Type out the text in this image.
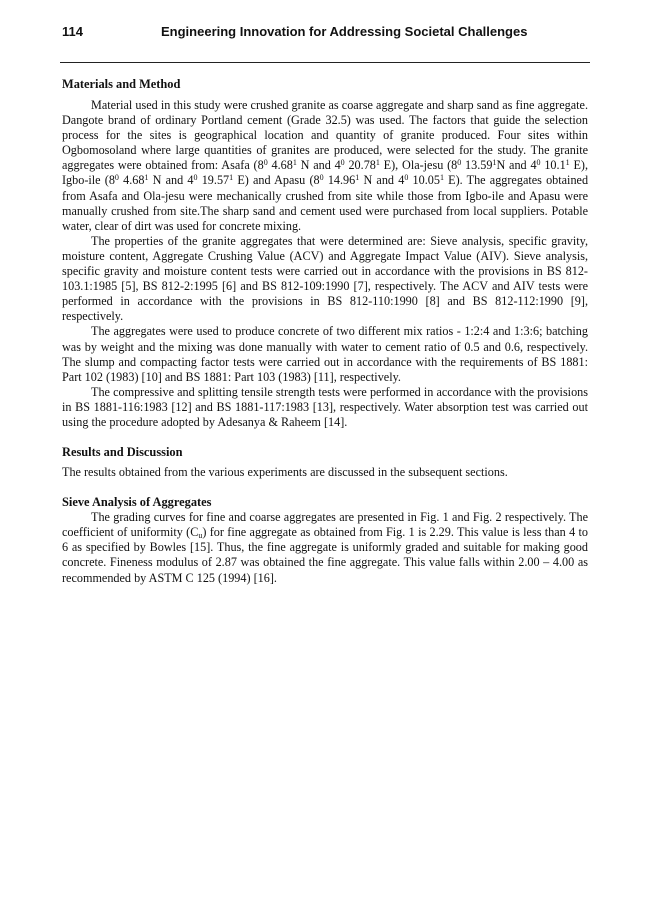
114	Engineering Innovation for Addressing Societal Challenges
Materials and Method

Material used in this study were crushed granite as coarse aggregate and sharp sand as fine aggregate. Dangote brand of ordinary Portland cement (Grade 32.5) was used. The factors that guide the selection process for the sites is geographical location and quantity of granite produced. Four sites within Ogbomosoland where large quantities of granites are produced, were selected for the study. The granite aggregates were obtained from: Asafa ($8^0$ 4.68$^1$ N and $4^0$ 20.78$^1$ E), Ola-jesu ($8^0$ 13.59$^1$N and $4^0$ 10.1$^1$ E), Igbo-ile ($8^0$ 4.68$^1$ N and $4^0$ 19.57$^1$ E) and Apasu ($8^0$ 14.96$^1$ N and $4^0$ 10.05$^1$ E). The aggregates obtained from Asafa and Ola-jesu were mechanically crushed from site while those from Igbo-ile and Apasu were manually crushed from site.The sharp sand and cement used were purchased from local suppliers. Potable water, clear of dirt was used for concrete mixing.

The properties of the granite aggregates that were determined are: Sieve analysis, specific gravity, moisture content, Aggregate Crushing Value (ACV) and Aggregate Impact Value (AIV). Sieve analysis, specific gravity and moisture content tests were carried out in accordance with the provisions in BS 812-103.1:1985 [5], BS 812-2:1995 [6] and BS 812-109:1990 [7], respectively. The ACV and AIV tests were performed in accordance with the provisions in BS 812-110:1990 [8] and BS 812-112:1990 [9], respectively.

The aggregates were used to produce concrete of two different mix ratios - 1:2:4 and 1:3:6; batching was by weight and the mixing was done manually with water to cement ratio of 0.5 and 0.6, respectively. The slump and compacting factor tests were carried out in accordance with the requirements of BS 1881: Part 102 (1983) [10] and BS 1881: Part 103 (1983) [11], respectively.

The compressive and splitting tensile strength tests were performed in accordance with the provisions in BS 1881-116:1983 [12] and BS 1881-117:1983 [13], respectively. Water absorption test was carried out using the procedure adopted by Adesanya & Raheem [14].

Results and Discussion

The results obtained from the various experiments are discussed in the subsequent sections.

Sieve Analysis of Aggregates

The grading curves for fine and coarse aggregates are presented in Fig. 1 and Fig. 2 respectively. The coefficient of uniformity $(C_u)$ for fine aggregate as obtained from Fig. 1 is 2.29. This value is less than 4 to 6 as specified by Bowles [15]. Thus, the fine aggregate is uniformly graded and suitable for making good concrete. Fineness modulus of 2.87 was obtained the fine aggregate. This value falls within 2.00 – 4.00 as recommended by ASTM C 125 (1994) [16].
